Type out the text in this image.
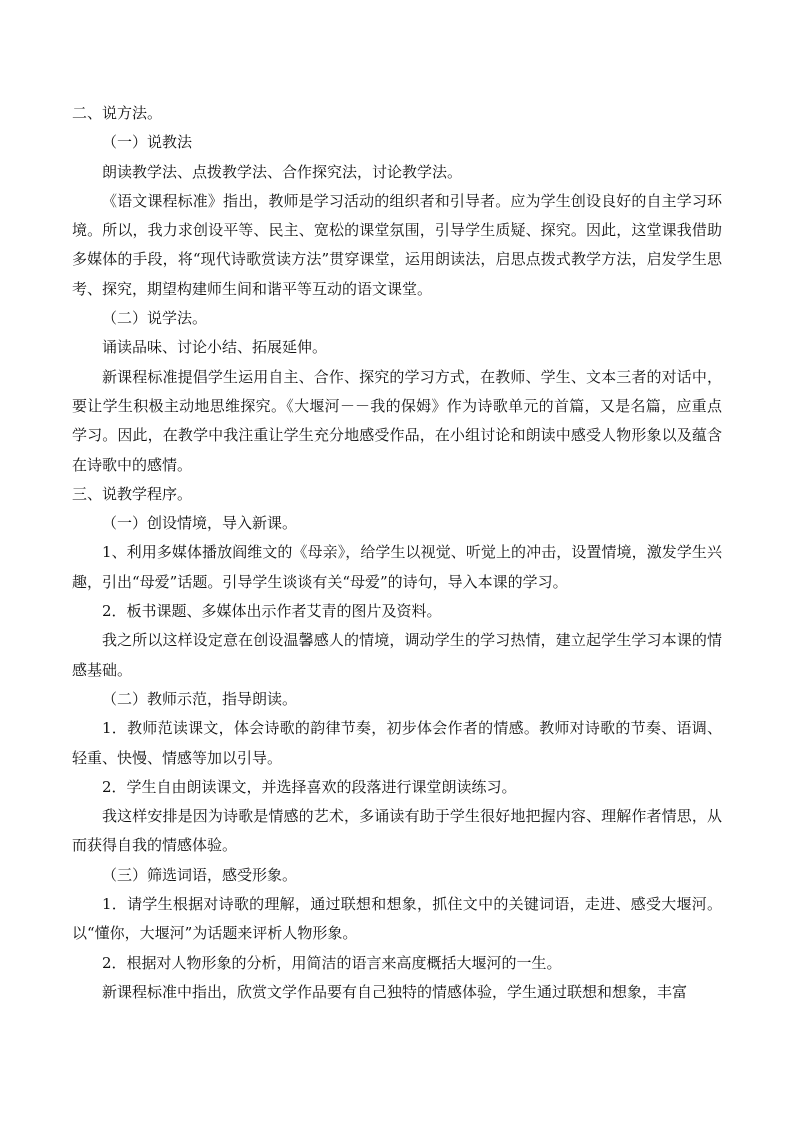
二、说方法。

（一）说教法

朗读教学法、点拨教学法、合作探究法，讨论教学法。

《语文课程标准》指出，教师是学习活动的组织者和引导者。应为学生创设良好的自主学习环境。所以，我力求创设平等、民主、宽松的课堂氛围，引导学生质疑、探究。因此，这堂课我借助多媒体的手段，将“现代诗歌赏读方法”贯穿课堂，运用朗读法，启思点拨式教学方法，启发学生思考、探究，期望构建师生间和谐平等互动的语文课堂。

（二）说学法。

诵读品味、讨论小结、拓展延伸。

新课程标准提倡学生运用自主、合作、探究的学习方式，在教师、学生、文本三者的对话中，要让学生积极主动地思维探究。《大堰河－－我的保姆》作为诗歌单元的首篇，又是名篇，应重点学习。因此，在教学中我注重让学生充分地感受作品，在小组讨论和朗读中感受人物形象以及蕴含在诗歌中的感情。

三、说教学程序。

（一）创设情境，导入新课。

1、利用多媒体播放阎维文的《母亲》，给学生以视觉、听觉上的冲击，设置情境，激发学生兴趣，引出“母爱”话题。引导学生谈谈有关“母爱”的诗句，导入本课的学习。

2．板书课题、多媒体出示作者艾青的图片及资料。

我之所以这样设定意在创设温馨感人的情境，调动学生的学习热情，建立起学生学习本课的情感基础。

（二）教师示范，指导朗读。

1．教师范读课文，体会诗歌的韵律节奏，初步体会作者的情感。教师对诗歌的节奏、语调、轻重、快慢、情感等加以引导。

2．学生自由朗读课文，并选择喜欢的段落进行课堂朗读练习。

我这样安排是因为诗歌是情感的艺术，多诵读有助于学生很好地把握内容、理解作者情思，从而获得自我的情感体验。

（三）筛选词语，感受形象。

1．请学生根据对诗歌的理解，通过联想和想象，抓住文中的关键词语，走进、感受大堰河。以“懂你，大堰河”为话题来评析人物形象。

2．根据对人物形象的分析，用简洁的语言来高度概括大堰河的一生。

新课程标准中指出，欣赏文学作品要有自己独特的情感体验，学生通过联想和想象，丰富
